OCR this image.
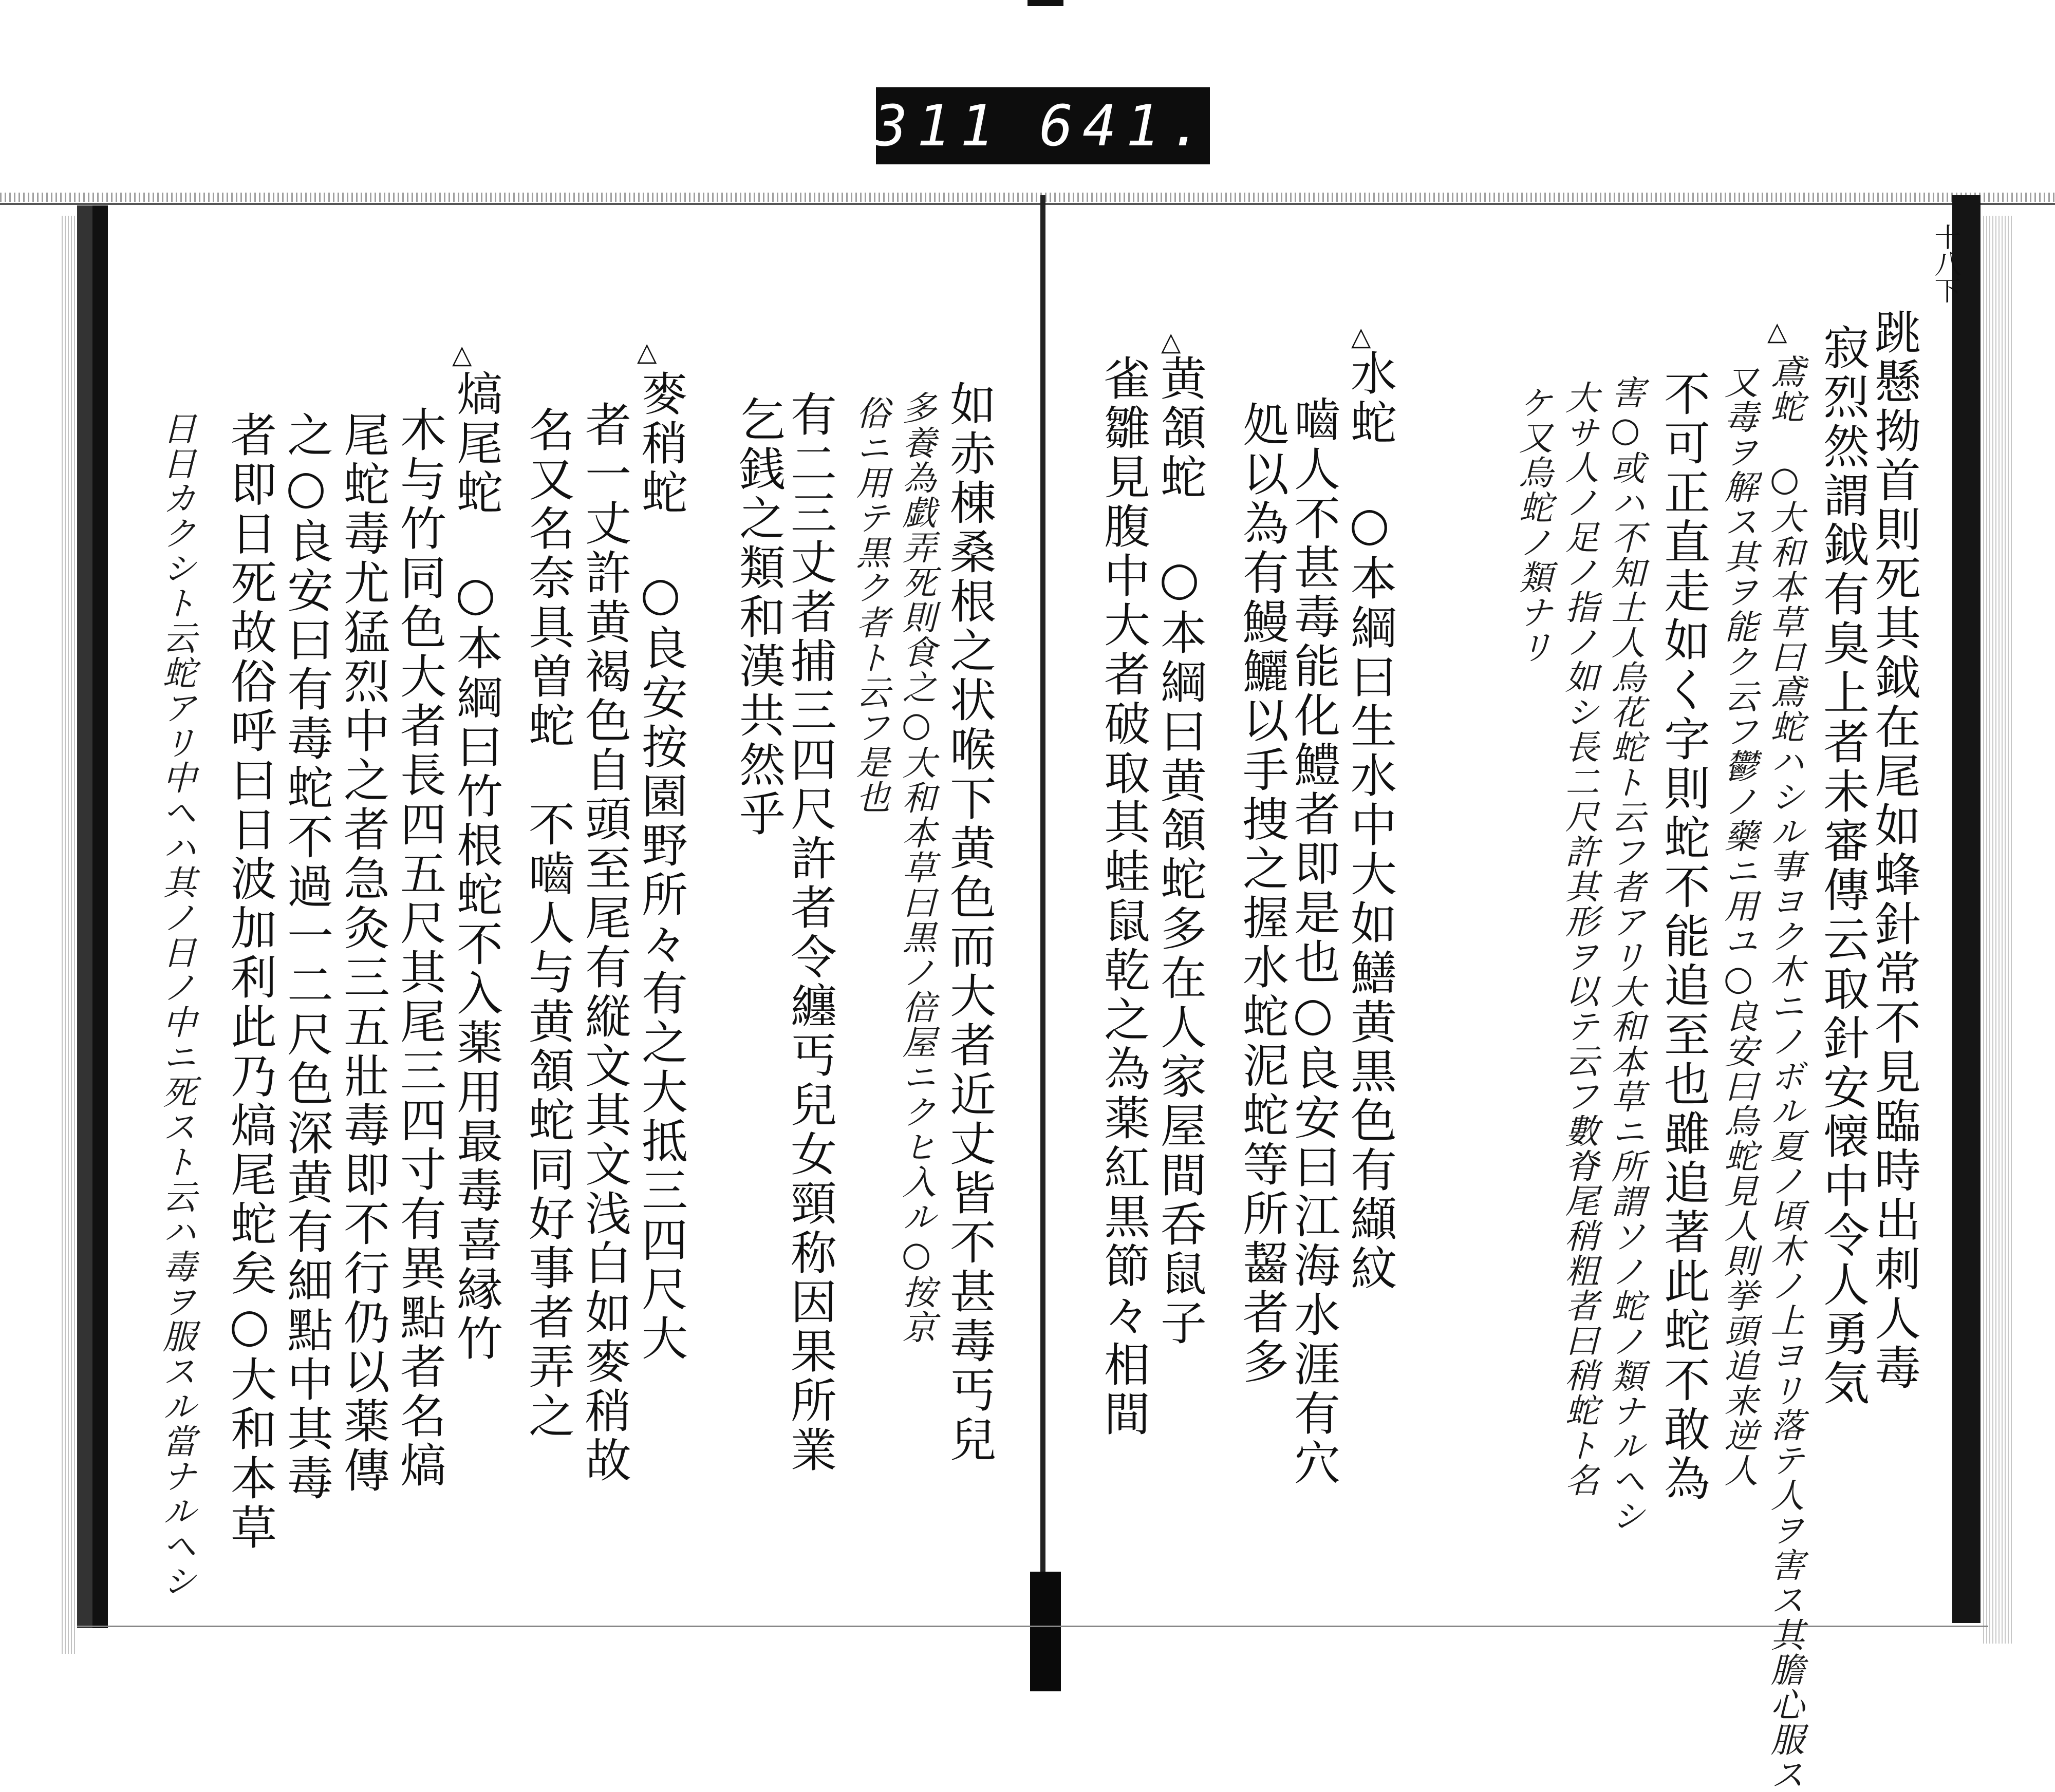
311 641.
十八下
△
△
△
△
△	跳懸拗首則死其鉞在尾如蜂針常不見臨時出刺人毒
寂烈然謂鉞有臭上者未審傳云取針安懐中令人勇気
鳶蛇　○大和本草曰鳶蛇ハシル事ヨク木ニノボル夏ノ頃木ノ上ヨリ落テ人ヲ害ス其膽心服ス
又毒ヲ解ス其ヲ能ク云フ鬱ノ藥ニ用ユ○良安曰烏蛇見人則挙頭追来逆人
不可正直走如く字則蛇不能追至也雖追著此蛇不敢為
害○或ハ不知土人烏花蛇ト云フ者アリ大和本草ニ所謂ソノ蛇ノ類ナルヘシ
大サ人ノ足ノ指ノ如シ長二尺許其形ヲ以テ云フ數脊尾稍粗者曰稍蛇ト名
ケ又烏蛇ノ類ナリ
水蛇　○本綱曰生水中大如鱔黄黒色有纈紋
嚙人不甚毒能化鱧者即是也○良安曰江海水涯有穴
処以為有鰻鱺以手捜之握水蛇泥蛇等所齧者多
黄頷蛇　○本綱曰黄頷蛇多在人家屋間呑鼠子
雀雛見腹中大者破取其蛙鼠乾之為薬紅黒節々相間
如赤棟桑根之状喉下黄色而大者近丈皆不甚毒丐兒
多養為戯弄死則食之○大和本草曰黒ノ倍屋ニクヒ入ル○按京
俗ニ用テ黒ク者ト云フ是也
有二三丈者捕三四尺許者令纏丐兒女頸称因果所業
乞銭之類和漢共然乎
麥稍蛇　○良安按園野所々有之大抵三四尺大
者一丈許黄褐色自頭至尾有縦文其文浅白如麥稍故
名又名奈具曽蛇　不嚙人与黄頷蛇同好事者弄之
熇尾蛇　○本綱曰竹根蛇不入薬用最毒喜縁竹
木与竹同色大者長四五尺其尾三四寸有異點者名熇
尾蛇毒尤猛烈中之者急灸三五壯毒即不行仍以薬傳
之○良安曰有毒蛇不過一二尺色深黄有細點中其毒
者即日死故俗呼曰日波加利此乃熇尾蛇矣○大和本草
日日カクシト云蛇アリ中ヘハ其ノ日ノ中ニ死スト云ハ毒ヲ服スル當ナルヘシ
